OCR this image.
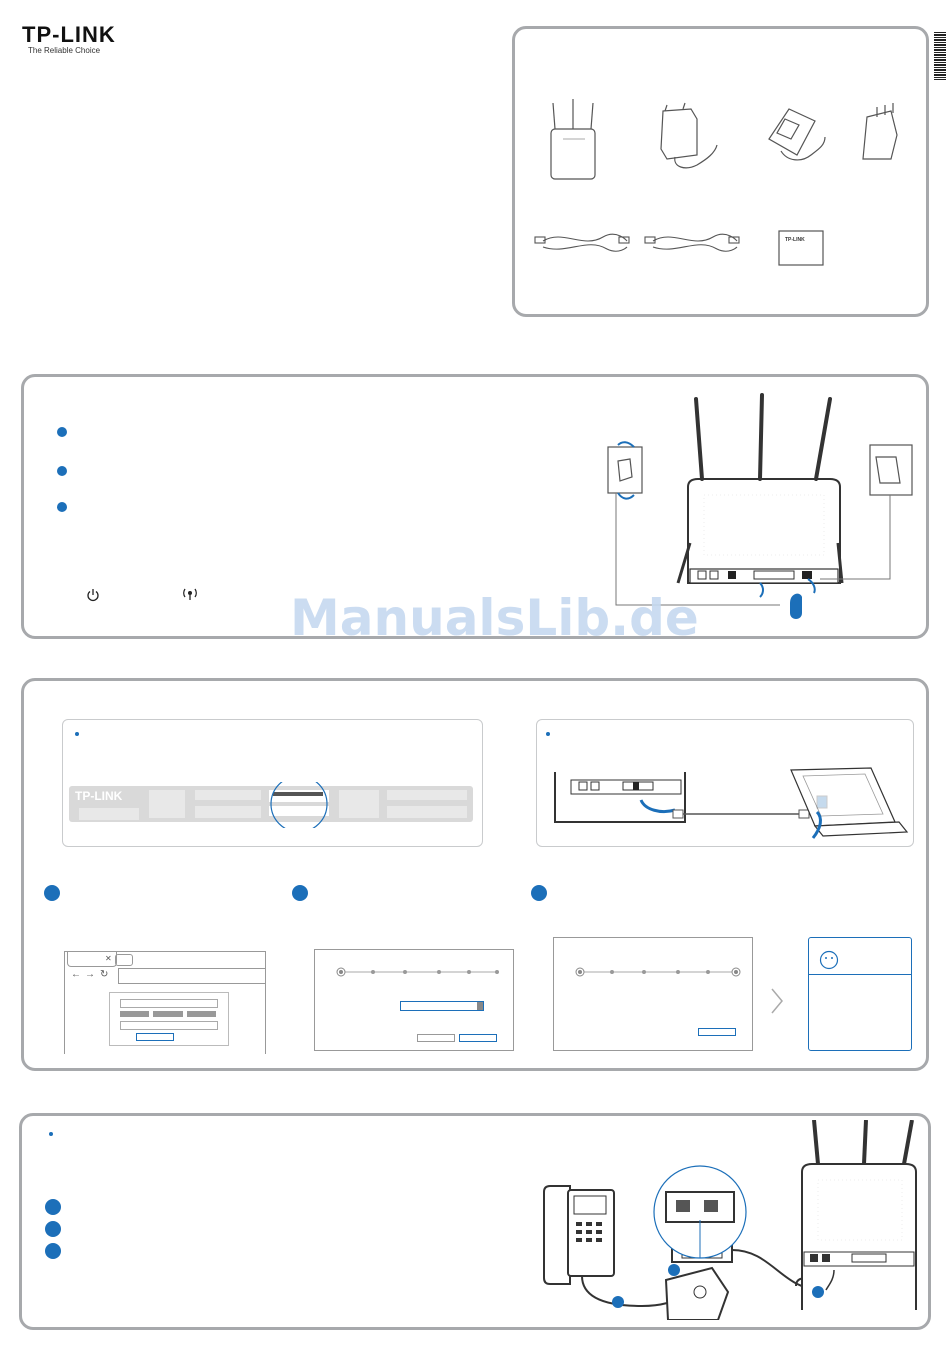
TP-LINK
The Reliable Choice
TP-LINK
ManualsLib.de
TP-LINK
✕
← → ↻
